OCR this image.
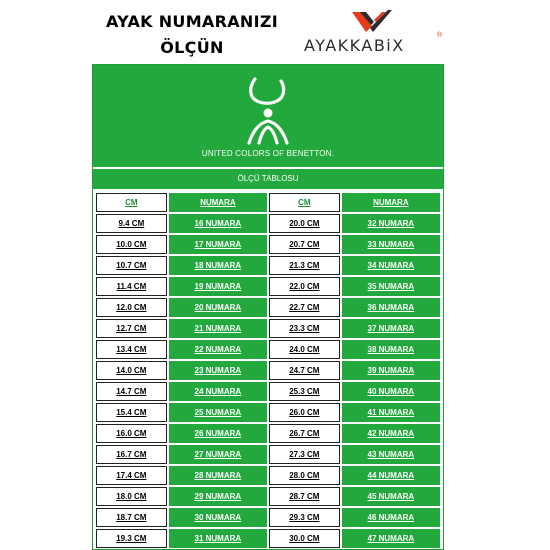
AYAK NUMARANIZI
ÖLÇÜN	AYAKKABiX
®
UNITED COLORS OF BENETTON.
ÖLÇÜ TABLOSU
CM	NUMARA	CM	NUMARA
9.4 CM	16 NUMARA	20.0 CM	32 NUMARA
10.0 CM	17 NUMARA	20.7 CM	33 NUMARA
10.7 CM	18 NUMARA	21.3 CM	34 NUMARA
11.4 CM	19 NUMARA	22.0 CM	35 NUMARA
12.0 CM	20 NUMARA	22.7 CM	36 NUMARA
12.7 CM	21 NUMARA	23.3 CM	37 NUMARA
13.4 CM	22 NUMARA	24.0 CM	38 NUMARA
14.0 CM	23 NUMARA	24.7 CM	39 NUMARA
14.7 CM	24 NUMARA	25.3 CM	40 NUMARA
15.4 CM	25 NUMARA	26.0 CM	41 NUMARA
16.0 CM	26 NUMARA	26.7 CM	42 NUMARA
16.7 CM	27 NUMARA	27.3 CM	43 NUMARA
17.4 CM	28 NUMARA	28.0 CM	44 NUMARA
18.0 CM	29 NUMARA	28.7 CM	45 NUMARA
18.7 CM	30 NUMARA	29.3 CM	46 NUMARA
19.3 CM	31 NUMARA	30.0 CM	47 NUMARA
